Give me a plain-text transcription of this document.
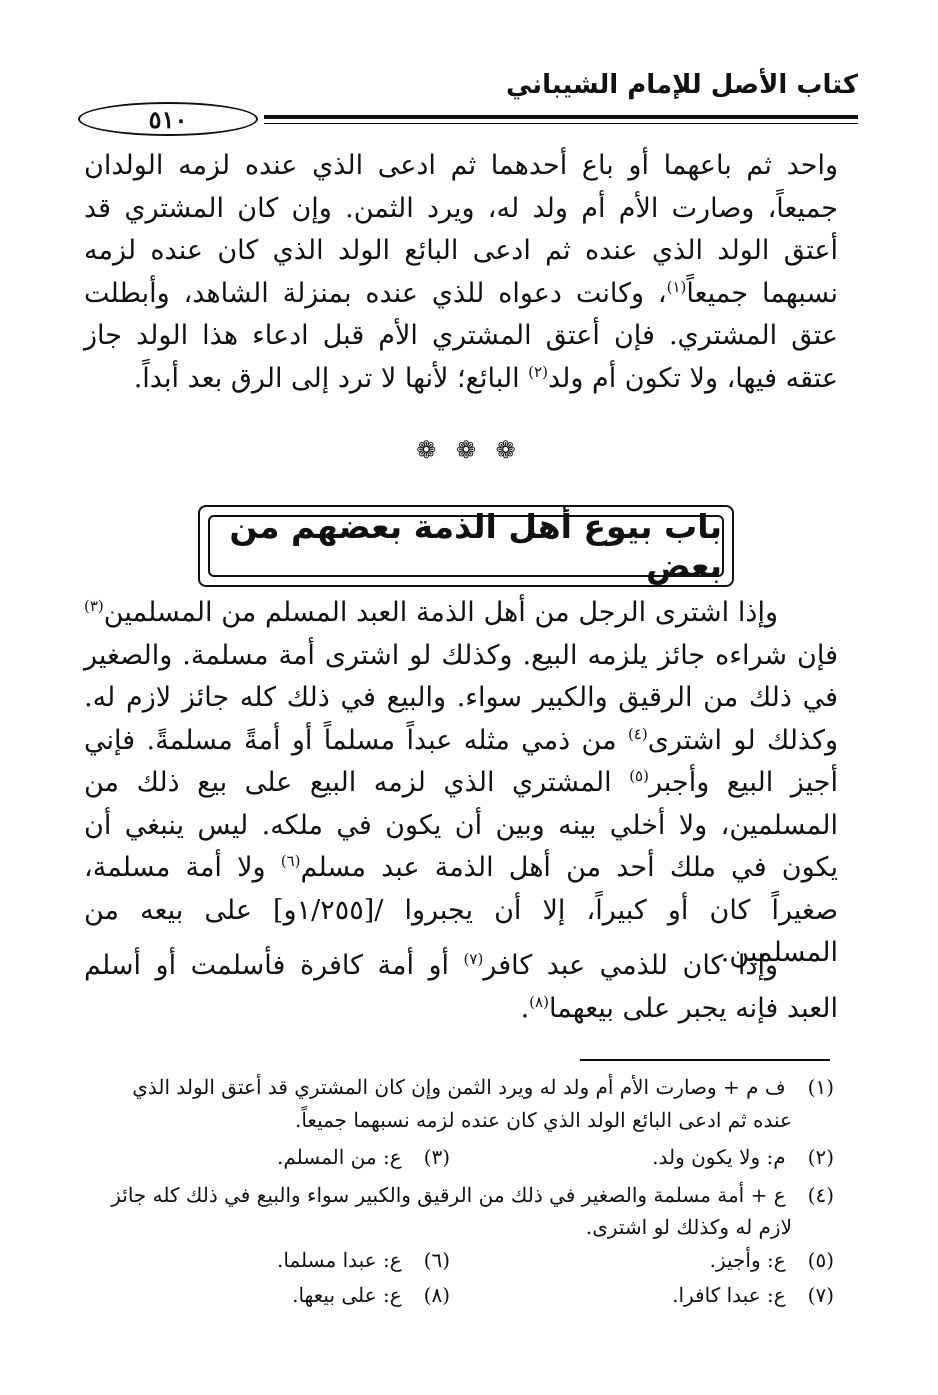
كتاب الأصل للإمام الشيباني
٥١٠

واحد ثم باعهما أو باع أحدهما ثم ادعى الذي عنده لزمه الولدان جميعاً، وصارت الأم أم ولد له، ويرد الثمن. وإن كان المشتري قد أعتق الولد الذي عنده ثم ادعى البائع الولد الذي كان عنده لزمه نسبهما جميعاً$^{(١)}$، وكانت دعواه للذي عنده بمنزلة الشاهد، وأبطلت عتق المشتري. فإن أعتق المشتري الأم قبل ادعاء هذا الولد جاز عتقه فيها، ولا تكون أم ولد$^{(٢)}$ البائع؛ لأنها لا ترد إلى الرق بعد أبداً.

❁ ❁ ❁
باب بيوع أهل الذمة بعضهم من بعض

وإذا اشترى الرجل من أهل الذمة العبد المسلم من المسلمين$^{(٣)}$ فإن شراءه جائز يلزمه البيع. وكذلك لو اشترى أمة مسلمة. والصغير في ذلك من الرقيق والكبير سواء. والبيع في ذلك كله جائز لازم له. وكذلك لو اشترى$^{(٤)}$ من ذمي مثله عبداً مسلماً أو أمةً مسلمةً. فإني أجيز البيع وأجبر$^{(٥)}$ المشتري الذي لزمه البيع على بيع ذلك من المسلمين، ولا أخلي بينه وبين أن يكون في ملكه. ليس ينبغي أن يكون في ملك أحد من أهل الذمة عبد مسلم$^{(٦)}$ ولا أمة مسلمة، صغيراً كان أو كبيراً، إلا أن يجبروا /[١/٢٥٥و] على بيعه من المسلمين.

وإذا كان للذمي عبد كافر$^{(٧)}$ أو أمة كافرة فأسلمت أو أسلم العبد فإنه يجبر على بيعهما$^{(٨)}$.

(١) ف م + وصارت الأم أم ولد له ويرد الثمن وإن كان المشتري قد أعتق الولد الذي
عنده ثم ادعى البائع الولد الذي كان عنده لزمه نسبهما جميعاً.
(٢) م: ولا يكون ولد.
(٣) ع: من المسلم.
(٤) ع + أمة مسلمة والصغير في ذلك من الرقيق والكبير سواء والبيع في ذلك كله جائز
لازم له وكذلك لو اشترى.
(٥) ع: وأجيز.
(٦) ع: عبدا مسلما.
(٧) ع: عبدا كافرا.
(٨) ع: على بيعها.
